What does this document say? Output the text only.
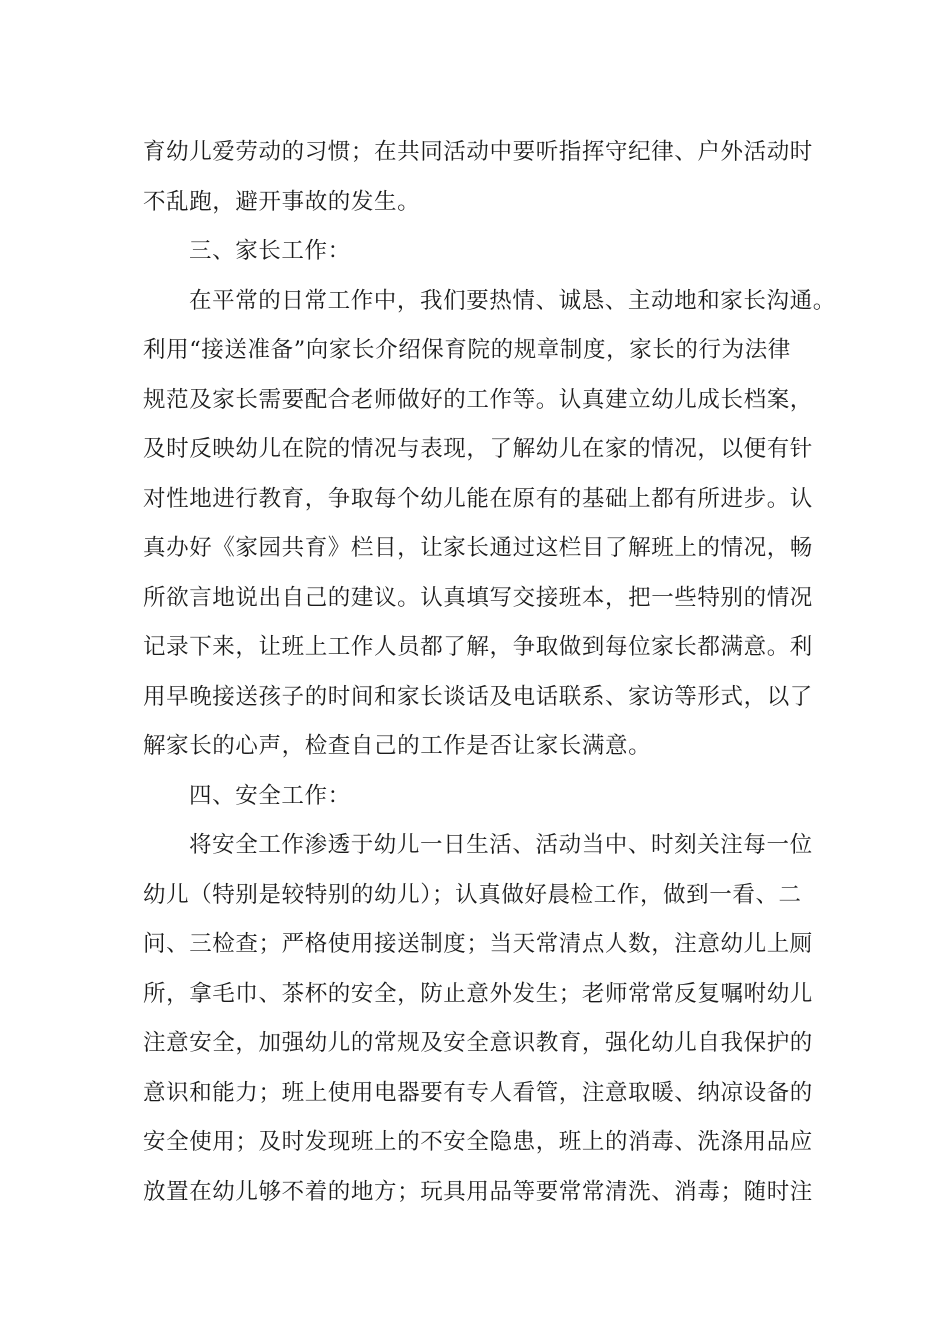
育幼儿爱劳动的习惯；在共同活动中要听指挥守纪律、户外活动时
不乱跑，避开事故的发生。
三、家长工作：
在平常的日常工作中，我们要热情、诚恳、主动地和家长沟通。
利用“接送准备”向家长介绍保育院的规章制度，家长的行为法律
规范及家长需要配合老师做好的工作等。认真建立幼儿成长档案，
及时反映幼儿在院的情况与表现，了解幼儿在家的情况，以便有针
对性地进行教育，争取每个幼儿能在原有的基础上都有所进步。认
真办好《家园共育》栏目，让家长通过这栏目了解班上的情况，畅
所欲言地说出自己的建议。认真填写交接班本，把一些特别的情况
记录下来，让班上工作人员都了解，争取做到每位家长都满意。利
用早晚接送孩子的时间和家长谈话及电话联系、家访等形式，以了
解家长的心声，检查自己的工作是否让家长满意。
四、安全工作：
将安全工作渗透于幼儿一日生活、活动当中、时刻关注每一位
幼儿（特别是较特别的幼儿）；认真做好晨检工作，做到一看、二
问、三检查；严格使用接送制度；当天常清点人数，注意幼儿上厕
所，拿毛巾、茶杯的安全，防止意外发生；老师常常反复嘱咐幼儿
注意安全，加强幼儿的常规及安全意识教育，强化幼儿自我保护的
意识和能力；班上使用电器要有专人看管，注意取暖、纳凉设备的
安全使用；及时发现班上的不安全隐患，班上的消毒、洗涤用品应
放置在幼儿够不着的地方；玩具用品等要常常清洗、消毒；随时注
